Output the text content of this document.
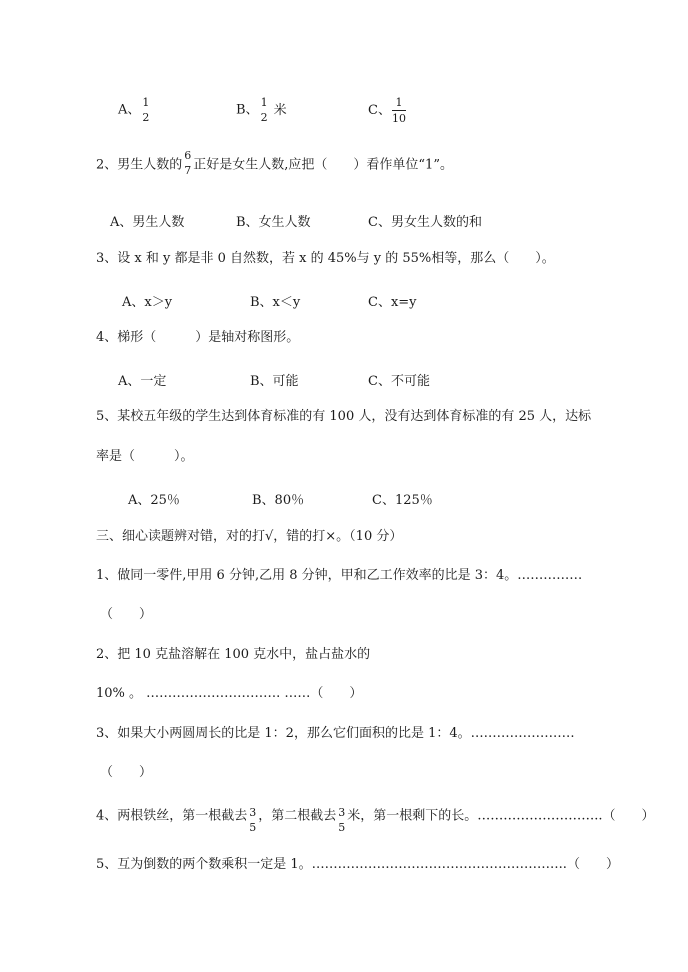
A、
1
2	B、
1
2 米	C、 $\frac{1}{10}$
2、男生人数的
6
7 正好是女生人数,应把（　　）看作单位“1”。
A、男生人数	B、女生人数	C、男女生人数的和
3、设 x 和 y 都是非 0 自然数，若 x 的 45%与 y 的 55%相等，那么（　　）。
A、x＞y	B、x＜y	C、x=y
4、梯形（　　　）是轴对称图形。
A、一定	B、可能	C、不可能
5、某校五年级的学生达到体育标准的有 100 人，没有达到体育标准的有 25 人，达标
率是（　　　）。
A、25％	B、80％	C、125％
三、细心读题辨对错，对的打√，错的打×。（10 分）
1、做同一零件,甲用 6 分钟,乙用 8 分钟，甲和乙工作效率的比是 3：4。……………
（　　）
2、把 10 克盐溶解在 100 克水中，盐占盐水的
10% 。 …………………………. ……（　　）
3、如果大小两圆周长的比是 1：2，那么它们面积的比是 1：4。……………………
（　　）
4、两根铁丝，第一根截去 3
5
，第二根截去 3
5
米，第一根剩下的长。………………………..（　　）
5、互为倒数的两个数乘积一定是 1。…………………………………………………..（　　）
